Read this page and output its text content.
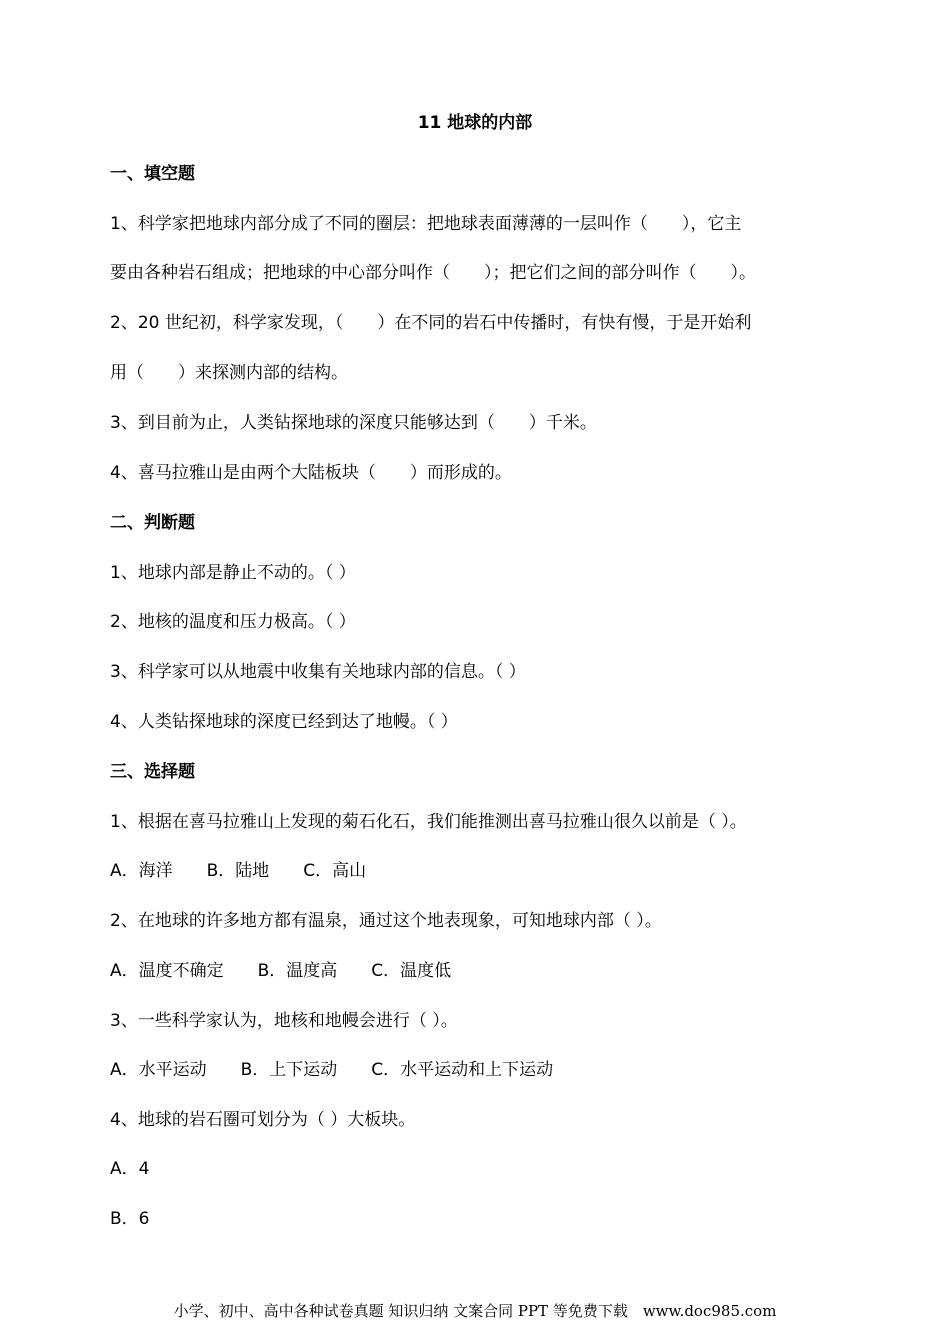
11 地球的内部
一、填空题
1、科学家把地球内部分成了不同的圈层：把地球表面薄薄的一层叫作（　　），它主
要由各种岩石组成；把地球的中心部分叫作（　　）；把它们之间的部分叫作（　　）。
2、20 世纪初，科学家发现，（　　）在不同的岩石中传播时，有快有慢，于是开始利
用（　　）来探测内部的结构。
3、到目前为止，人类钻探地球的深度只能够达到（　　）千米。
4、喜马拉雅山是由两个大陆板块（　　）而形成的。
二、判断题
1、地球内部是静止不动的。（ ）
2、地核的温度和压力极高。（ ）
3、科学家可以从地震中收集有关地球内部的信息。（ ）
4、人类钻探地球的深度已经到达了地幔。（ ）
三、选择题
1、根据在喜马拉雅山上发现的菊石化石，我们能推测出喜马拉雅山很久以前是（ ）。
A．海洋　　B．陆地　　C．高山
2、在地球的许多地方都有温泉，通过这个地表现象，可知地球内部（ ）。
A．温度不确定　　B．温度高　　C．温度低
3、一些科学家认为，地核和地幔会进行（ ）。
A．水平运动　　B．上下运动　　C．水平运动和上下运动
4、地球的岩石圈可划分为（ ）大板块。
A．4
B．6
小学、初中、高中各种试卷真题 知识归纳 文案合同 PPT 等免费下载　www.doc985.com
